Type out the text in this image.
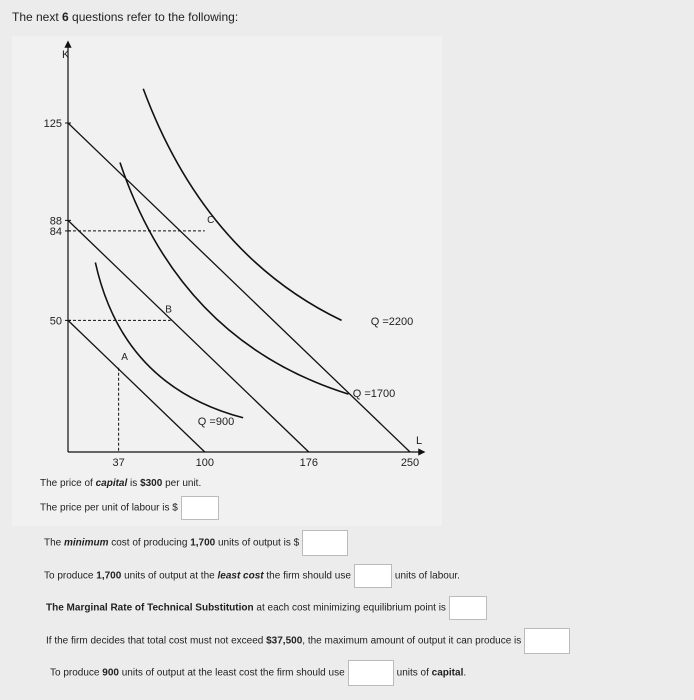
The next 6 questions refer to the following:
K
L
125
88
84
50
37	100	176	250
A
B
C
Q =900
Q =1700
Q =2200
The price of capital is $300 per unit.
The price per unit of labour is $
The minimum cost of producing 1,700 units of output is $
To produce 1,700 units of output at the least cost the firm should use	units of labour.
The Marginal Rate of Technical Substitution at each cost minimizing equilibrium point is
If the firm decides that total cost must not exceed $37,500, the maximum amount of output it can produce is
To produce 900 units of output at the least cost the firm should use	units of capital.
